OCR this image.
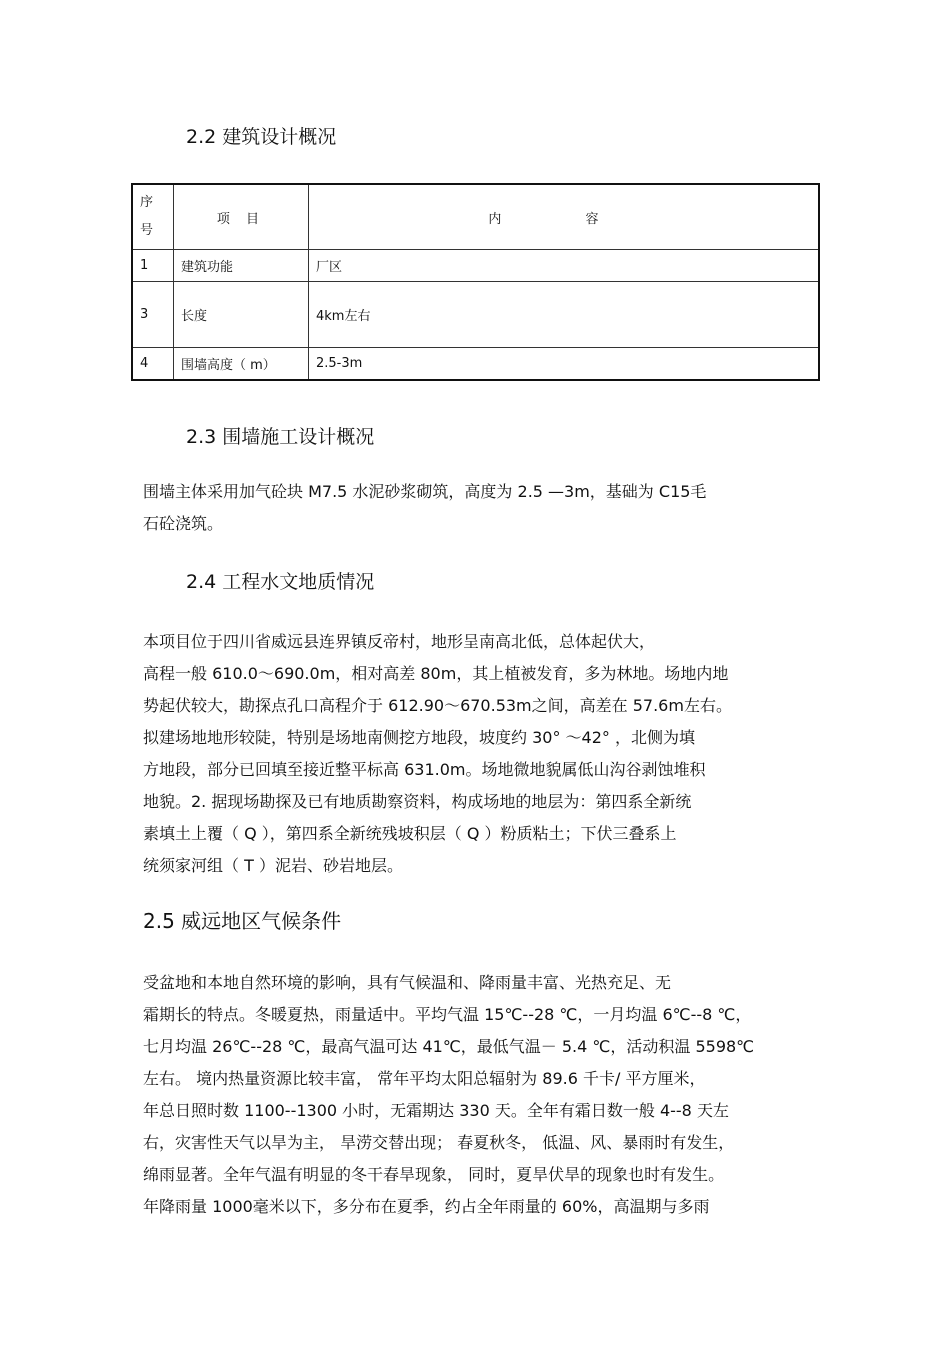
2.2 建筑设计概况
序
号	项 目	内 容
1	建筑功能	厂区
3	长度	4km左右
4	围墙高度（ m）	2.5-3m
2.3 围墙施工设计概况
围墙主体采用加气砼块 M7.5 水泥砂浆砌筑，高度为 2.5 —3m，基础为 C15毛
石砼浇筑。
2.4 工程水文地质情况
本项目位于四川省威远县连界镇反帝村，地形呈南高北低，总体起伏大，
高程一般 610.0～690.0m，相对高差 80m，其上植被发育，多为林地。场地内地
势起伏较大，勘探点孔口高程介于 612.90～670.53m之间，高差在 57.6m左右。
拟建场地地形较陡，特别是场地南侧挖方地段，坡度约 30° ～42° ，北侧为填
方地段，部分已回填至接近整平标高 631.0m。场地微地貌属低山沟谷剥蚀堆积
地貌。2. 据现场勘探及已有地质勘察资料，构成场地的地层为：第四系全新统
素填土上覆（ Q ），第四系全新统残坡积层（ Q ）粉质粘土；下伏三叠系上
统须家河组（ T ）泥岩、砂岩地层。
2.5 威远地区气候条件
受盆地和本地自然环境的影响，具有气候温和、降雨量丰富、光热充足、无
霜期长的特点。冬暖夏热，雨量适中。平均气温 15℃--28 ℃，一月均温 6℃--8 ℃，
七月均温 26℃--28 ℃，最高气温可达 41℃，最低气温－ 5.4 ℃，活动积温 5598℃
左右。 境内热量资源比较丰富， 常年平均太阳总辐射为 89.6 千卡/ 平方厘米，
年总日照时数 1100--1300 小时，无霜期达 330 天。全年有霜日数一般 4--8 天左
右，灾害性天气以旱为主， 旱涝交替出现； 春夏秋冬， 低温、风、暴雨时有发生，
绵雨显著。全年气温有明显的冬干春旱现象， 同时，夏旱伏旱的现象也时有发生。
年降雨量 1000毫米以下，多分布在夏季，约占全年雨量的 60%，高温期与多雨
